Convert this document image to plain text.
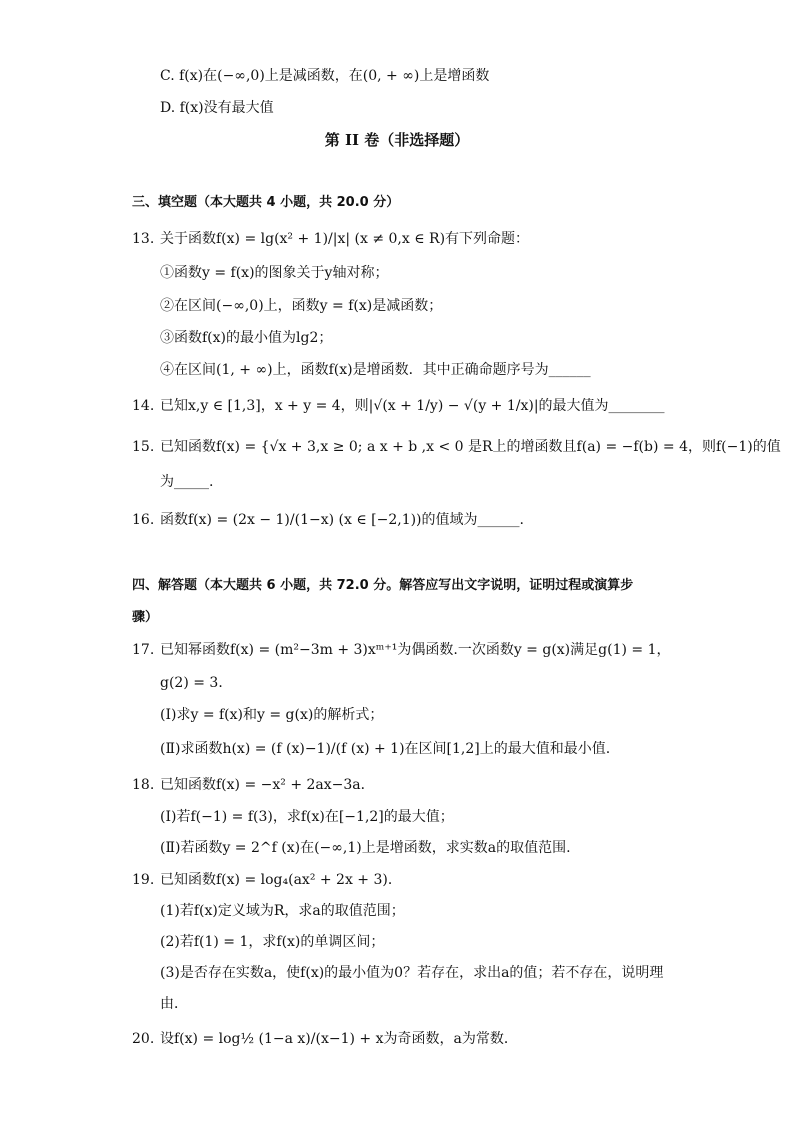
C. f(x)在(−∞,0)上是减函数，在(0, + ∞)上是增函数
D. f(x)没有最大值
第 II 卷（非选择题）
三、填空题（本大题共 4 小题，共 20.0 分）
13. 关于函数f(x) = lg(x² + 1)/|x| (x ≠ 0,x ∈ R)有下列命题：
①函数y = f(x)的图象关于y轴对称；
②在区间(−∞,0)上，函数y = f(x)是减函数；
③函数f(x)的最小值为lg2；
④在区间(1, + ∞)上，函数f(x)是增函数．其中正确命题序号为______
14. 已知x,y ∈ [1,3]，x + y = 4，则|√(x + 1/y) − √(y + 1/x)|的最大值为________
15. 已知函数f(x) = {√x + 3,x ≥ 0; a x + b ,x < 0 是R上的增函数且f(a) = −f(b) = 4，则f(−1)的值
为_____.
16. 函数f(x) = (2x − 1)/(1−x) (x ∈ [−2,1))的值域为______.
四、解答题（本大题共 6 小题，共 72.0 分。解答应写出文字说明，证明过程或演算步
骤）
17. 已知幂函数f(x) = (m²−3m + 3)xᵐ⁺¹为偶函数.一次函数y = g(x)满足g(1) = 1，
g(2) = 3．
(Ⅰ)求y = f(x)和y = g(x)的解析式；
(Ⅱ)求函数h(x) = (f (x)−1)/(f (x) + 1)在区间[1,2]上的最大值和最小值.
18. 已知函数f(x) = −x² + 2ax−3a．
(Ⅰ)若f(−1) = f(3)，求f(x)在[−1,2]的最大值；
(Ⅱ)若函数y = 2^f (x)在(−∞,1)上是增函数，求实数a的取值范围.
19. 已知函数f(x) = log₄(ax² + 2x + 3)．
(1)若f(x)定义域为R，求a的取值范围；
(2)若f(1) = 1，求f(x)的单调区间；
(3)是否存在实数a，使f(x)的最小值为0？若存在，求出a的值；若不存在，说明理
由．
20. 设f(x) = log½ (1−a x)/(x−1) + x为奇函数，a为常数．
